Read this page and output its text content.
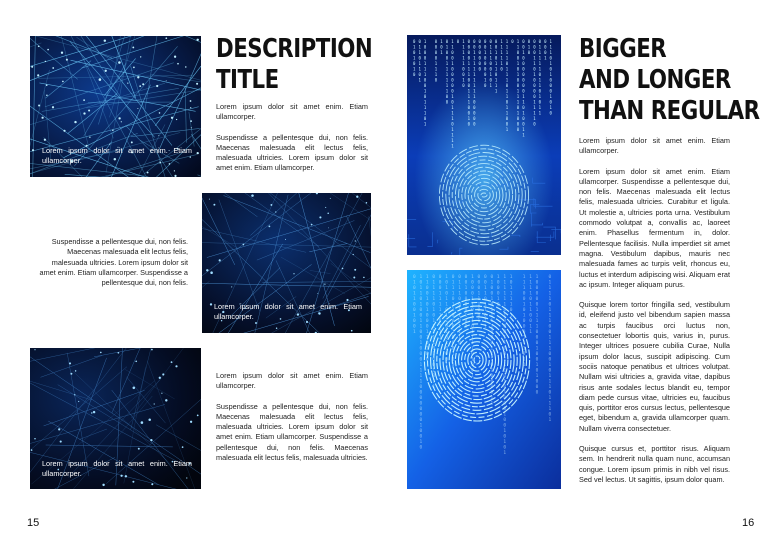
Lorem ipsum dolor sit amet enim. Etiam ullamcorper.
DESCRIPTION
TITLE

Lorem ipsum dolor sit amet enim. Etiam ullamcorper.

Suspendisse a pellentesque dui, non felis. Maecenas malesuada elit lectus felis, malesuada ultricies. Lorem ipsum dolor sit amet enim. Etiam ullamcorper.

Suspendisse a pellentesque dui, non felis. Maecenas malesuada elit lectus felis, malesuada ultricies. Lorem ipsum dolor sit amet enim. Etiam ullamcorper. Suspendisse a pellentesque dui, non felis.

Lorem ipsum dolor sit amet enim. Etiam ullamcorper.
Lorem ipsum dolor sit amet enim. Etiam ullamcorper.

Lorem ipsum dolor sit amet enim. Etiam ullamcorper.

Suspendisse a pellentesque dui, non felis. Maecenas malesuada elit lectus felis, malesuada ultricies. Lorem ipsum dolor sit amet enim. Etiam ullamcorper. Suspendisse a pellentesque dui, non felis. Maecenas malesuada elit lectus felis, malesuada ultricies.

15
0
1
0
1
0
1
0
0
1
1
0
1
1
0
1
1
0
0
0
1
1
1
0
0
1
0
1
1
1
0
1
0
0
0
0
1
1
1
0
1
0
1
0
1
0
0
1
1
1
1
1
1
0
0
1
1
0
0
1
0
0
0
0
0
1
0
1
1
1
0
1
1
1
1
0 1
1
1
1
1
0
0
1
0
0
0
0
0
1
1
1
0
0
1
1
1
0
0
1
0
0
0
1
1
1
1
1
1
1
1
1
0
0
0
0
0
0
0
0
0
0
0
0
0
1
0
0
0
0
1
0
0
1
1
1
0
0
1
0
1
0
0
1
0
1
1
0
1
1
1
1
1
1
1
1
0
1
1
1
1
0
1
1
1
0
1
1
0
1
1
0
0
1
0 1
1
0
0
1
0
1
0
0
1
1
1
0
1
0
0
0
0
0
1
0
0
0
0
0
0
0
1
1
0
1
0
0
1
1
0
1
0
0
0
0
1
1
0
1
0
0
0
0
1
1
1
1
0
0
1
1
1
1
1
0
1
1
0
1
0
1
1
0
0
0
1
1
1
1
0
1
0
1
0
0
0
1
0
1
0
0
1
0
1
1
0
0
1
0
0
1
1
0
1
1
0
1
0
0
1
1
0
0
1
0
0
0
1
1
1
1
0
0
0
0
0
0
0
1
0
0
1
0
1
1
0
0
1
0
1
0
0
0
1
1
0
1
0
0
0
1
1
1
1
0
1
0
1
1
1
1
1
0
1
0
0
1
0
1
1
0
0
0
1
1
1
1
1
0
1
1
1
1
0
1
0
1
1
0
1
1
0
1
0
1
0
0
0
1
0
1
1
1
0
1
1
0
0
0
1
0
0
0
1
1
0
0
1
1
1
0
0
1
1
0
1
1
1
0
0
0
1
0
0
0
0
1
0
0
1
0
0
0
1
1
0
1
1
0
1
1
1
1
0
1
0
0
1
0
0
0
1
1
1
0
0
1
0
0
1
1
0
1
1
0
1
1
0
1
0
0
1
0
1
1
1
1
0
0
0
1
1
1
0
1
0
0
0
0
1
1
1
0
0
0
1
0
1
1
1
1
1
1
0
1
0
0
0
1
1
0
0
1
1
1
0
1
0
1
0
0
0
1
0
0
1
0
1
0
1
1
0
1
1
1
1
0
1
1
1
1
0
0
1
0
1
0
0
0
1
1
1
0
1
1
1
1
1
1
0
1
1
0
0
1
1
1
0
0
0
0
0
1
1
1
1
0
0
0
1
0
0
1
0
1
0
0
0
0
1
1
1
1
0
1
1
1
0
0
1
1
1
0
0
1
0
1
1
1
0
1
1
1
0
1
BIGGER
AND LONGER
THAN REGULAR

Lorem ipsum dolor sit amet enim. Etiam ullamcorper.

Lorem ipsum dolor sit amet enim. Etiam ullamcorper. Suspendisse a pellentesque dui, non felis. Maecenas malesuada elit lectus felis, malesuada ultricies. Curabitur et ligula. Ut molestie a, ultricies porta urna. Vestibulum commodo volutpat a, convallis ac, laoreet enim. Phasellus fermentum in, dolor. Pellentesque facilisis. Nulla imperdiet sit amet magna. Vestibulum dapibus, mauris nec malesuada fames ac turpis velit, rhoncus eu, luctus et interdum adipiscing wisi. Aliquam erat ac ipsum. Integer aliquam purus.

Quisque lorem tortor fringilla sed, vestibulum id, eleifend justo vel bibendum sapien massa ac turpis faucibus orci luctus non, consectetuer lobortis quis, varius in, purus. Integer ultrices posuere cubilia Curae, Nulla ipsum dolor lacus, suscipit adipiscing. Cum sociis natoque penatibus et ultrices volutpat. Nullam wisi ultricies a, gravida vitae, dapibus risus ante sodales lectus blandit eu, tempor diam pede cursus vitae, ultricies eu, faucibus quis, porttitor eros cursus lectus, pellentesque eget, bibendum a, gravida ullamcorper quam. Nullam viverra consectetuer.

Quisque cursus et, porttitor risus. Aliquam sem. In hendrerit nulla quam nunc, accumsan congue. Lorem ipsum primis in nibh vel risus. Sed vel lectus. Ut sagittis, ipsum dolor quam.

16
